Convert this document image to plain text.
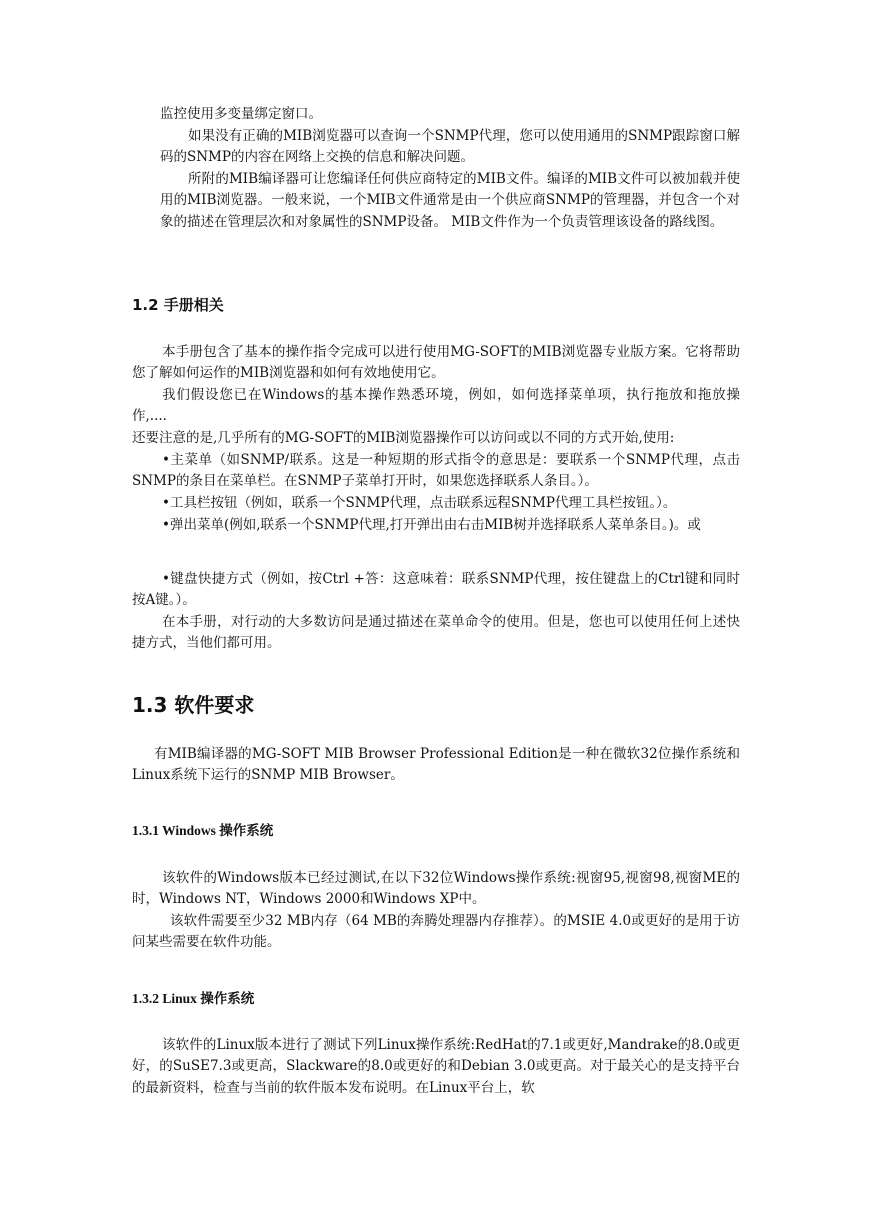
监控使用多变量绑定窗口。

如果没有正确的MIB浏览器可以查询一个SNMP代理，您可以使用通用的SNMP跟踪窗口解码的SNMP的内容在网络上交换的信息和解决问题。

所附的MIB编译器可让您编译任何供应商特定的MIB文件。编译的MIB文件可以被加载并使用的MIB浏览器。一般来说，一个MIB文件通常是由一个供应商SNMP的管理器，并包含一个对象的描述在管理层次和对象属性的SNMP设备。 MIB文件作为一个负责管理该设备的路线图。

1.2 手册相关

本手册包含了基本的操作指令完成可以进行使用MG-SOFT的MIB浏览器专业版方案。它将帮助您了解如何运作的MIB浏览器和如何有效地使用它。

我们假设您已在Windows的基本操作熟悉环境，例如，如何选择菜单项，执行拖放和拖放操作,....

还要注意的是,几乎所有的MG-SOFT的MIB浏览器操作可以访问或以不同的方式开始,使用:

•主菜单（如SNMP/联系。这是一种短期的形式指令的意思是：要联系一个SNMP代理，点击SNMP的条目在菜单栏。在SNMP子菜单打开时，如果您选择联系人条目。）。

•工具栏按钮（例如，联系一个SNMP代理，点击联系远程SNMP代理工具栏按钮。）。

•弹出菜单(例如,联系一个SNMP代理,打开弹出由右击MIB树并选择联系人菜单条目。)。或

•键盘快捷方式（例如，按Ctrl +答：这意味着：联系SNMP代理，按住键盘上的Ctrl键和同时按A键。）。

在本手册，对行动的大多数访问是通过描述在菜单命令的使用。但是，您也可以使用任何上述快捷方式，当他们都可用。

1.3 软件要求

有MIB编译器的MG-SOFT MIB Browser Professional Edition是一种在微软32位操作系统和Linux系统下运行的SNMP MIB Browser。

1.3.1 Windows 操作系统

该软件的Windows版本已经过测试,在以下32位Windows操作系统:视窗95,视窗98,视窗ME的时，Windows NT，Windows 2000和Windows XP中。

该软件需要至少32 MB内存（64 MB的奔腾处理器内存推荐）。的MSIE 4.0或更好的是用于访问某些需要在软件功能。

1.3.2 Linux 操作系统

该软件的Linux版本进行了测试下列Linux操作系统:RedHat的7.1或更好,Mandrake的8.0或更好，的SuSE7.3或更高，Slackware的8.0或更好的和Debian 3.0或更高。对于最关心的是支持平台的最新资料，检查与当前的软件版本发布说明。在Linux平台上，软
